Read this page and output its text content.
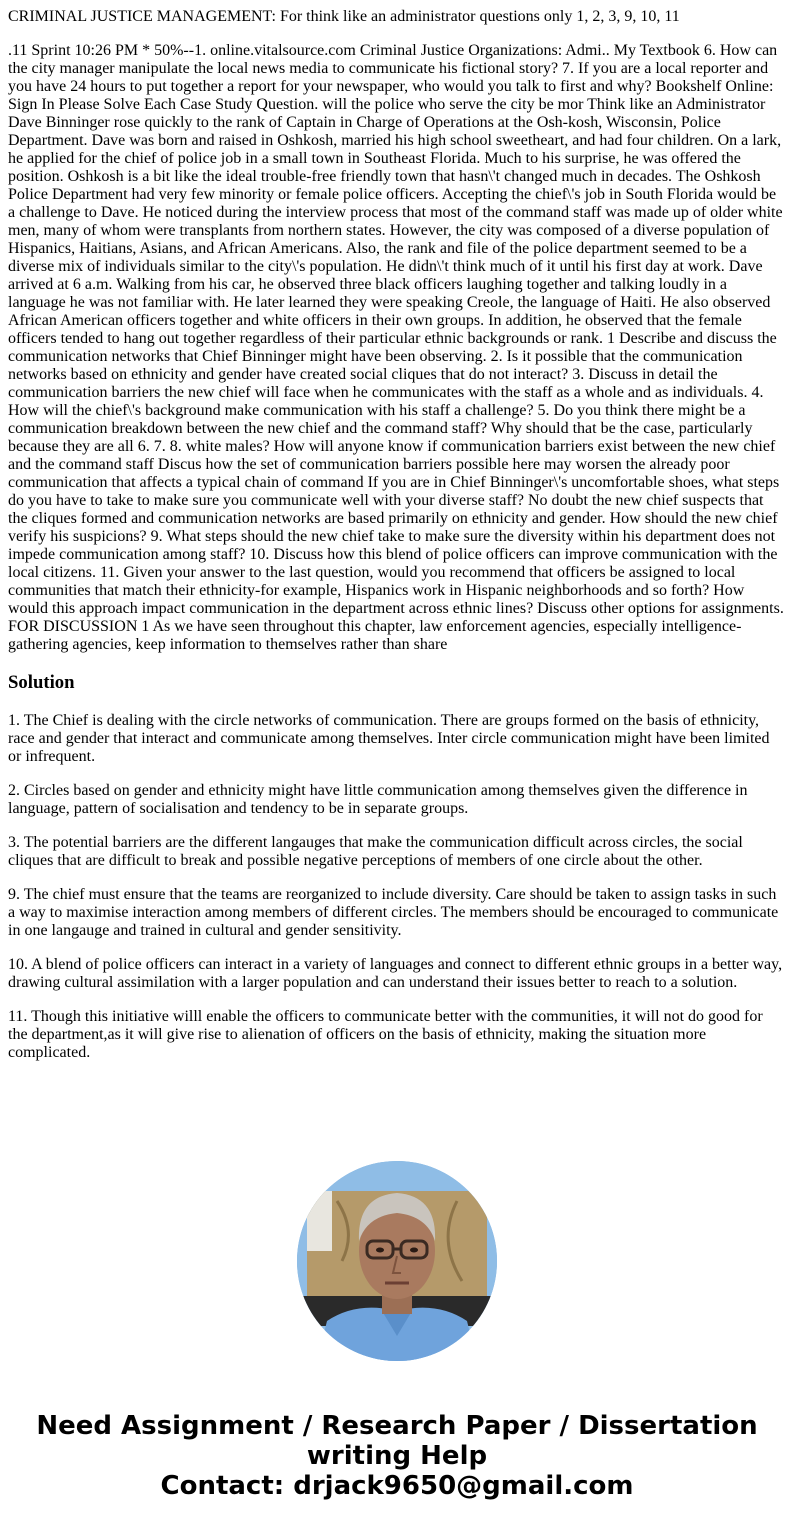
CRIMINAL JUSTICE MANAGEMENT: For think like an administrator questions only 1, 2, 3, 9, 10, 11

.11 Sprint 10:26 PM * 50%--1. online.vitalsource.com Criminal Justice Organizations: Admi.. My Textbook 6. How can the city manager manipulate the local news media to communicate his fictional story? 7. If you are a local reporter and you have 24 hours to put together a report for your newspaper, who would you talk to first and why? Bookshelf Online: Sign In Please Solve Each Case Study Question. will the police who serve the city be mor Think like an Administrator Dave Binninger rose quickly to the rank of Captain in Charge of Operations at the Osh-kosh, Wisconsin, Police Department. Dave was born and raised in Oshkosh, married his high school sweetheart, and had four children. On a lark, he applied for the chief of police job in a small town in Southeast Florida. Much to his surprise, he was offered the position. Oshkosh is a bit like the ideal trouble-free friendly town that hasn\'t changed much in decades. The Oshkosh Police Department had very few minority or female police officers. Accepting the chief\'s job in South Florida would be a challenge to Dave. He noticed during the interview process that most of the command staff was made up of older white men, many of whom were transplants from northern states. However, the city was composed of a diverse population of Hispanics, Haitians, Asians, and African Americans. Also, the rank and file of the police department seemed to be a diverse mix of individuals similar to the city\'s population. He didn\'t think much of it until his first day at work. Dave arrived at 6 a.m. Walking from his car, he observed three black officers laughing together and talking loudly in a language he was not familiar with. He later learned they were speaking Creole, the language of Haiti. He also observed African American officers together and white officers in their own groups. In addition, he observed that the female officers tended to hang out together regardless of their particular ethnic backgrounds or rank. 1 Describe and discuss the communication networks that Chief Binninger might have been observing. 2. Is it possible that the communication networks based on ethnicity and gender have created social cliques that do not interact? 3. Discuss in detail the communication barriers the new chief will face when he communicates with the staff as a whole and as individuals. 4. How will the chief\'s background make communication with his staff a challenge? 5. Do you think there might be a communication breakdown between the new chief and the command staff? Why should that be the case, particularly because they are all 6. 7. 8. white males? How will anyone know if communication barriers exist between the new chief and the command staff Discus how the set of communication barriers possible here may worsen the already poor communication that affects a typical chain of command If you are in Chief Binninger\'s uncomfortable shoes, what steps do you have to take to make sure you communicate well with your diverse staff? No doubt the new chief suspects that the cliques formed and communication networks are based primarily on ethnicity and gender. How should the new chief verify his suspicions? 9. What steps should the new chief take to make sure the diversity within his department does not impede communication among staff? 10. Discuss how this blend of police officers can improve communication with the local citizens. 11. Given your answer to the last question, would you recommend that officers be assigned to local communities that match their ethnicity-for example, Hispanics work in Hispanic neighborhoods and so forth? How would this approach impact communication in the department across ethnic lines? Discuss other options for assignments. FOR DISCUSSION 1 As we have seen throughout this chapter, law enforcement agencies, especially intelligence-gathering agencies, keep information to themselves rather than share

Solution

1. The Chief is dealing with the circle networks of communication. There are groups formed on the basis of ethnicity, race and gender that interact and communicate among themselves. Inter circle communication might have been limited or infrequent.

2. Circles based on gender and ethnicity might have little communication among themselves given the difference in language, pattern of socialisation and tendency to be in separate groups.

3. The potential barriers are the different langauges that make the communication difficult across circles, the social cliques that are difficult to break and possible negative perceptions of members of one circle about the other.

9. The chief must ensure that the teams are reorganized to include diversity. Care should be taken to assign tasks in such a way to maximise interaction among members of different circles. The members should be encouraged to communicate in one langauge and trained in cultural and gender sensitivity.

10. A blend of police officers can interact in a variety of languages and connect to different ethnic groups in a better way, drawing cultural assimilation with a larger population and can understand their issues better to reach to a solution.

11. Though this initiative willl enable the officers to communicate better with the communities, it will not do good for the department,as it will give rise to alienation of officers on the basis of ethnicity, making the situation more complicated.

Need Assignment / Research Paper / Dissertation
writing Help
Contact: drjack9650@gmail.com
